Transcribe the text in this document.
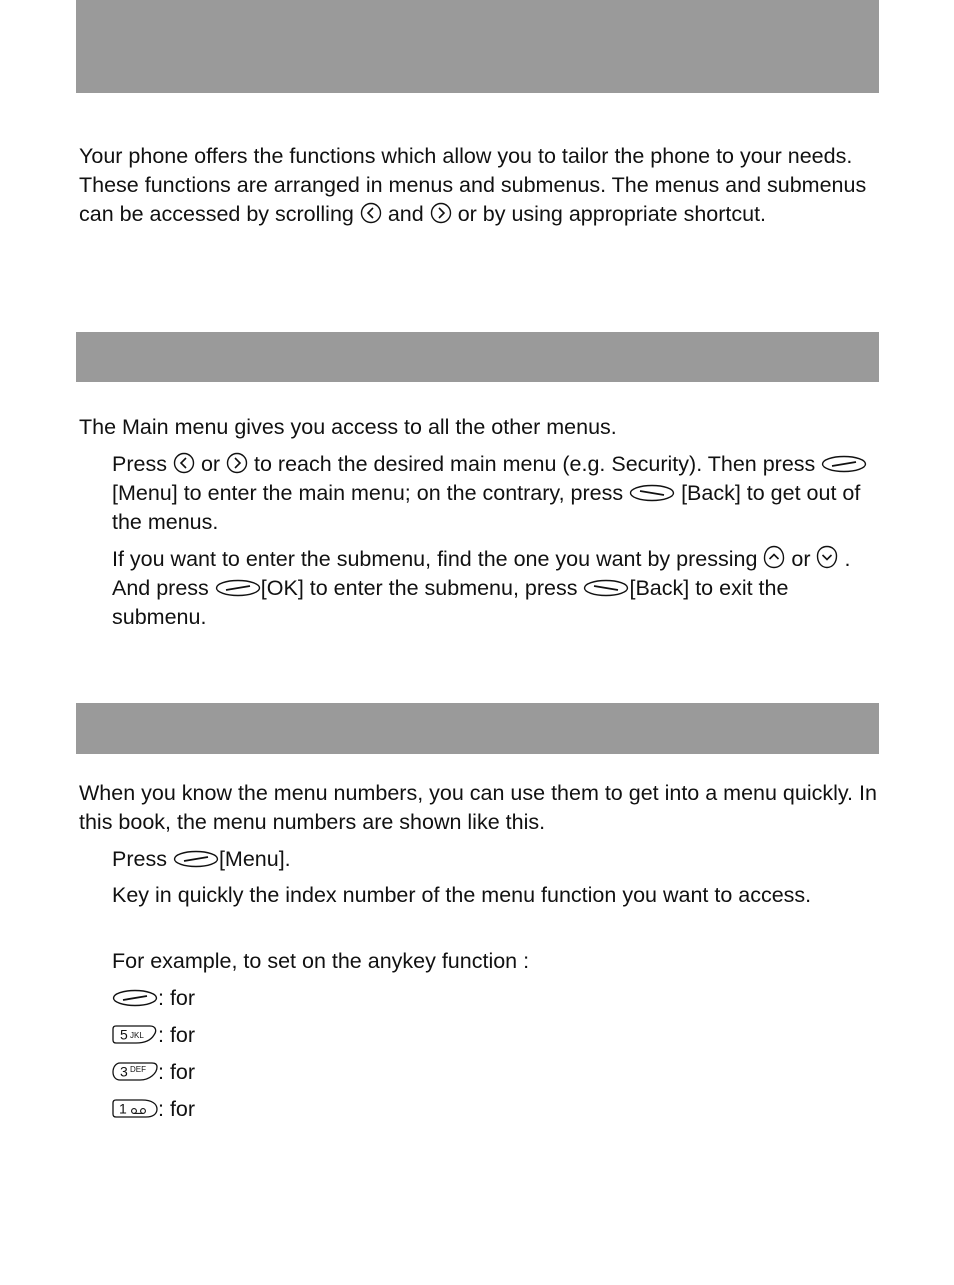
Your phone offers the functions which allow you to tailor the phone to your needs. These functions are arranged in menus and submenus. The menus and submenus can be accessed by scrolling and or by using appropriate shortcut.

The Main menu gives you access to all the other menus.

Press or to reach the desired main menu (e.g. Security). Then press
[Menu] to enter the main menu; on the contrary, press	[Back] to get out of the menus.

If you want to enter the submenu, find the one you want by pressing or . And press [OK] to enter the submenu, press [Back] to exit the submenu.

When you know the menu numbers, you can use them to get into a menu quickly. In this book, the menu numbers are shown like this.

Press [Menu].

Key in quickly the index number of the menu function you want to access.

For example, to set on the anykey function :

: for

5 JKL : for

3 DEF : for

1 : for
